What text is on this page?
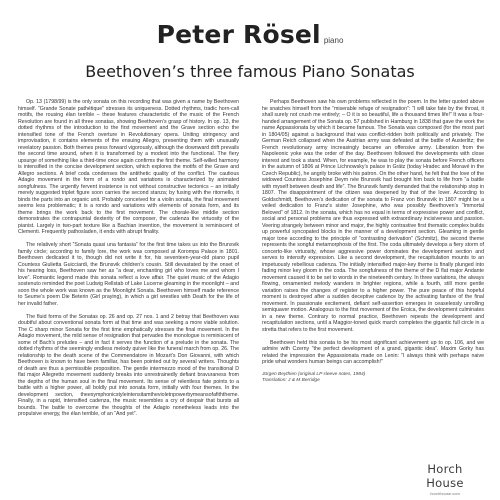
Peter Rösel piano
Beethoven’s three famous Piano Sonatas

Op. 13 (1798/99) is the only sonata on this recording that was given a name by Beethoven himself. “Grande Sonate pathétique” stresses its uniqueness. Dotted rhythms, tradic horn-call motifs, the rousing élan terrible – these features characteristic of the music of the French Revolution are found in all three sonatas, showing Beethoven’s grasp of history. In op. 13, the dotted rhythms of the introduction to the first movement and the Grave section echo the intensified tone of the French overture in Revolutionary opera. Uniting stringency and improvisation, it contains elements of the ensuing Allegro, presenting them with unusually revelatory passion. Both themes press forward vigorously, although the downward drift prevails the second time around, when it is transformed by a modest into the functional. The fiery upsurge of something like a third-time once again confirms the first theme. Self-willed harmony is intensified in the concise development section, which explores the motifs of the Grave and Allegro sections. A brief coda condenses the antithetic quality of the conflict. The cautious Adagio movement in the form of a rondo and variations is characterized by animated songfulness. The urgently fervent insistence is not without constructive tectonics – an initially merely suggested triplet figure soon carries the second stanza; by fusing with the ritornello, it binds the parts into an organic unit. Probably conceived for a violin sonata, the final movement seems less problematic; it is a rondo and variations with elements of sonata form, and its theme brings the work back to the first movement. The chorale-like middle section demonstrates the contrapuntal dexterity of the composer, the cadenza the virtuosity of the pianist. Largely in two-part texture like a Bachian invention, the movement is reminiscent of Clementi. Frequently pathosladen, it ends with abrupt finality.

The relatively short “Sonata quasi una fantasia” for the first time takes us into the Brunsvik family circle; according to family lore, the work was composed at Korompa Palace in 1801. Beethoven dedicated it to, though did not write it for, his seventeen-year-old piano pupil Countess Giulietta Guicciardi, the Brunsvik children’s cousin. Still devastated by the onset of his hearing loss, Beethoven saw her as “a dear, enchanting girl who loves me and whom I love”. Romantic legend made this sonata reflect a love affair. The quiet music of the Adagio sostenuto reminded the poet Ludwig Rellstab of Lake Lucerne gleaming in the moonlight – and soon the whole work was known as the Moonlight Sonata. Beethoven himself made reference to Seume’s poem Die Beterin (Girl praying), in which a girl wrestles with Death for the life of her invalid father.

The fluid forms of the Sonatas op. 26 and op. 27 nos. 1 and 2 betray that Beethoven was doubtful about conventional sonata form at that time and was seeking a more viable solution. The C sharp minor Sonata for the first time emphatically stresses the final movement. In the Adagio movement, the mild sense of resignation that pervades the monologue is reminiscent of some of Bach’s preludes – and in fact it serves the function of a prelude in the sonata. The dotted rhythms of the seemingly endless melody quiver like the funeral march from op. 26. The relationship to the death scene of the Commendatore in Mozart’s Don Giovanni, with which Beethoven is known to have been familiar, has been pointed out by several writers. Thoughts of death are thus a permissible proposition. The gentle intermezzo mood of the transitional D flat major Allegretto movement suddenly breaks into unrestrainedly defiant bravuraness from the depths of the human soul in the final movement. Its sense of relentless fate points to a battle with a higher power, all boldly put into sonata form, initially with four themes. In the development section, theesymphonicstyleintensitamthevioletnpowerbymeansofafiththeme. Finally, in a rapid, intensified cadenza, the music resembles a cry of despair that bursts all bounds. The battle to overcome the thoughts of the Adagio nonetheless leads into the propulsive energy, the élan terrible, of an “And yet”.

Perhaps Beethoven saw his own problems reflected in the poem. In the letter quoted above he snatches himself from the “miserable refuge of resignation”: “I will take fate by the throat, it shall surely not crush me entirely; – O it is so beautiful, life a thousand times life!” It was a four-handed arrangement of the Sonata op. 57 published in Hamburg in 1838 that gave the work the name Appassionata by which it became famous. The Sonata was composed (for the most part in 1804/05) against a background that was conflict-ridden both politically and privately. The German Reich collapsed when the Austrian army was defeated at the battle of Austerlitz; the French revolutionary army increasingly became an offensive army. Liberation from the Napoleonic yoke was the order of the day. Beethoven followed the developments with close interest and took a stand. When, for example, he was to play the sonata before French officers in the autumn of 1806 at Prince Lichnowsky’s palace in Grätz (today Hradec and Moravé in the Czech Republic), he angrily broke with his patron. On the other hand, he felt that the love of the widowed Countess Josephine Deym née Brunsvik had brought him back to life from “a battle with myself between death and life”. The Brunsvik family demanded that the relationship stop in 1807. The disappointment of the citizen was deepened by that of the lover. According to Goldschmidt, Beethoven’s dedication of the sonata to Franz von Brunsvik in 1807 might be a veiled dedication to Franz’s sister Josephine, who was possibly Beethoven’s “Immortal Beloved” of 1812. In the sonata, which has no equal in terms of expressive power and conflict, social and personal problems are thus expressed with extraordinary incisiveness and passion. Veering strangely between minor and major, the highly contrastive first thematic complex builds up powerful syncopated blocks in the manner of a development section. Gleaming in gentle major tone according to the principle of “contrasting derivation” (Schmitz), the second theme represents the songful metamorphosis of the first. The coda ultimately develops a fiery storm of concerto-like virtuosity, whose aggressive power dominates the development section and serves to intensify expression. Like a second development, the recapitulation mounts to an impetuously rebellious cadenza. The initially intensified major-key theme is finally plunged into fading minor key gloom in the coda. The songfulness of the theme of the D flat major Andante movement caused it to be set to words in the nineteenth century. In three variations, the always flowing, ornamented melody wanders in brighter regions, while a fourth, still more gentle variation raises the changes of register to a higher power. The pure peace of this hopeful moment is destroyed after a sudden deceptive cadence by the activating fanfare of the final movement. In passionate excitement, defiant self-assertion emerges in ceaselessly unrolling semiquaver motion. Analogous to the first movement of the Eroica, the development culminates in a new theme. Contrary to normal practice, Beethoven repeats the development and recapitulation sections, until a Maggior-toned quick march completes the gigantic full circle in a stretta that refers to the first movement.

Beethoven held this sonata to be his most significant achievement up to op. 106, and we admire with Czerny “the perfect development of a grand, gigantic idea”. Maxim Gorky has related the impression the Appassionata made on Lenin: “I always think with perhaps naive pride what wonders human beings can accomplish!”

Jürgen Beythien (original LP sleeve notes, 1984)
Translation: J & M Berridge
Horch House
horchhouse.com
